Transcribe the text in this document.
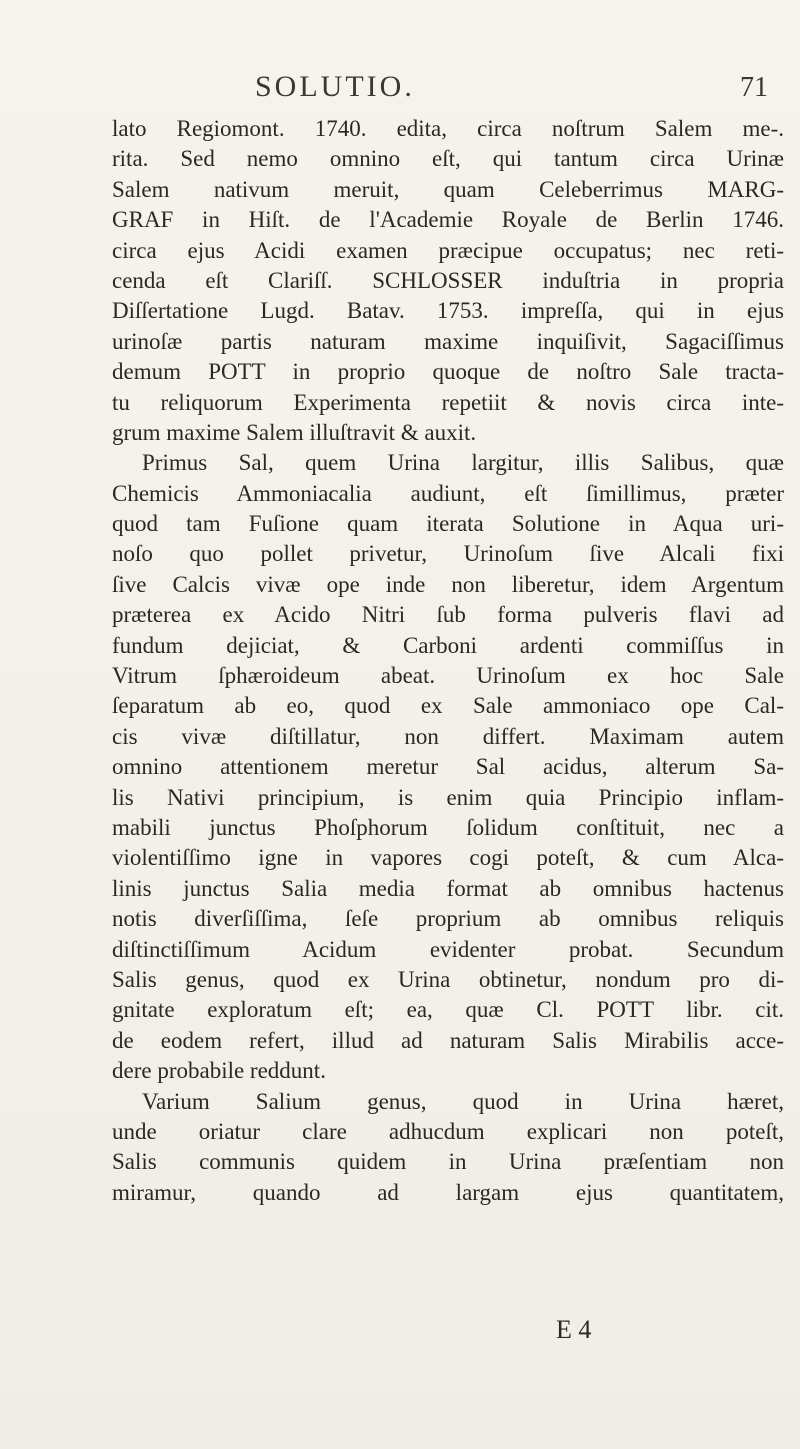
SOLUTIO.	71
lato Regiomont. 1740. edita, circa noſtrum Salem me-.
rita. Sed nemo omnino eſt, qui tantum circa Urinæ
Salem nativum meruit, quam Celeberrimus MARG-
GRAF in Hiſt. de l'Academie Royale de Berlin 1746.
circa ejus Acidi examen præcipue occupatus; nec reti-
cenda eſt Clariſſ. SCHLOSSER induſtria in propria
Diſſertatione Lugd. Batav. 1753. impreſſa, qui in ejus
urinoſæ partis naturam maxime inquiſivit, Sagaciſſimus
demum POTT in proprio quoque de noſtro Sale tracta-
tu reliquorum Experimenta repetiit & novis circa inte-
grum maxime Salem illuſtravit & auxit.
Primus Sal, quem Urina largitur, illis Salibus, quæ
Chemicis Ammoniacalia audiunt, eſt ſimillimus, præter
quod tam Fuſione quam iterata Solutione in Aqua uri-
noſo quo pollet privetur, Urinoſum ſive Alcali fixi
ſive Calcis vivæ ope inde non liberetur, idem Argentum
præterea ex Acido Nitri ſub forma pulveris flavi ad
fundum dejiciat, & Carboni ardenti commiſſus in
Vitrum ſphæroideum abeat. Urinoſum ex hoc Sale
ſeparatum ab eo, quod ex Sale ammoniaco ope Cal-
cis vivæ diſtillatur, non differt. Maximam autem
omnino attentionem meretur Sal acidus, alterum Sa-
lis Nativi principium, is enim quia Principio inflam-
mabili junctus Phoſphorum ſolidum conſtituit, nec a
violentiſſimo igne in vapores cogi poteſt, & cum Alca-
linis junctus Salia media format ab omnibus hactenus
notis diverſiſſima, ſeſe proprium ab omnibus reliquis
diſtinctiſſimum Acidum evidenter probat. Secundum
Salis genus, quod ex Urina obtinetur, nondum pro di-
gnitate exploratum eſt; ea, quæ Cl. POTT libr. cit.
de eodem refert, illud ad naturam Salis Mirabilis acce-
dere probabile reddunt.
Varium Salium genus, quod in Urina hæret,
unde oriatur clare adhucdum explicari non poteſt,
Salis communis quidem in Urina præſentiam non
miramur, quando ad largam ejus quantitatem,
E 4
